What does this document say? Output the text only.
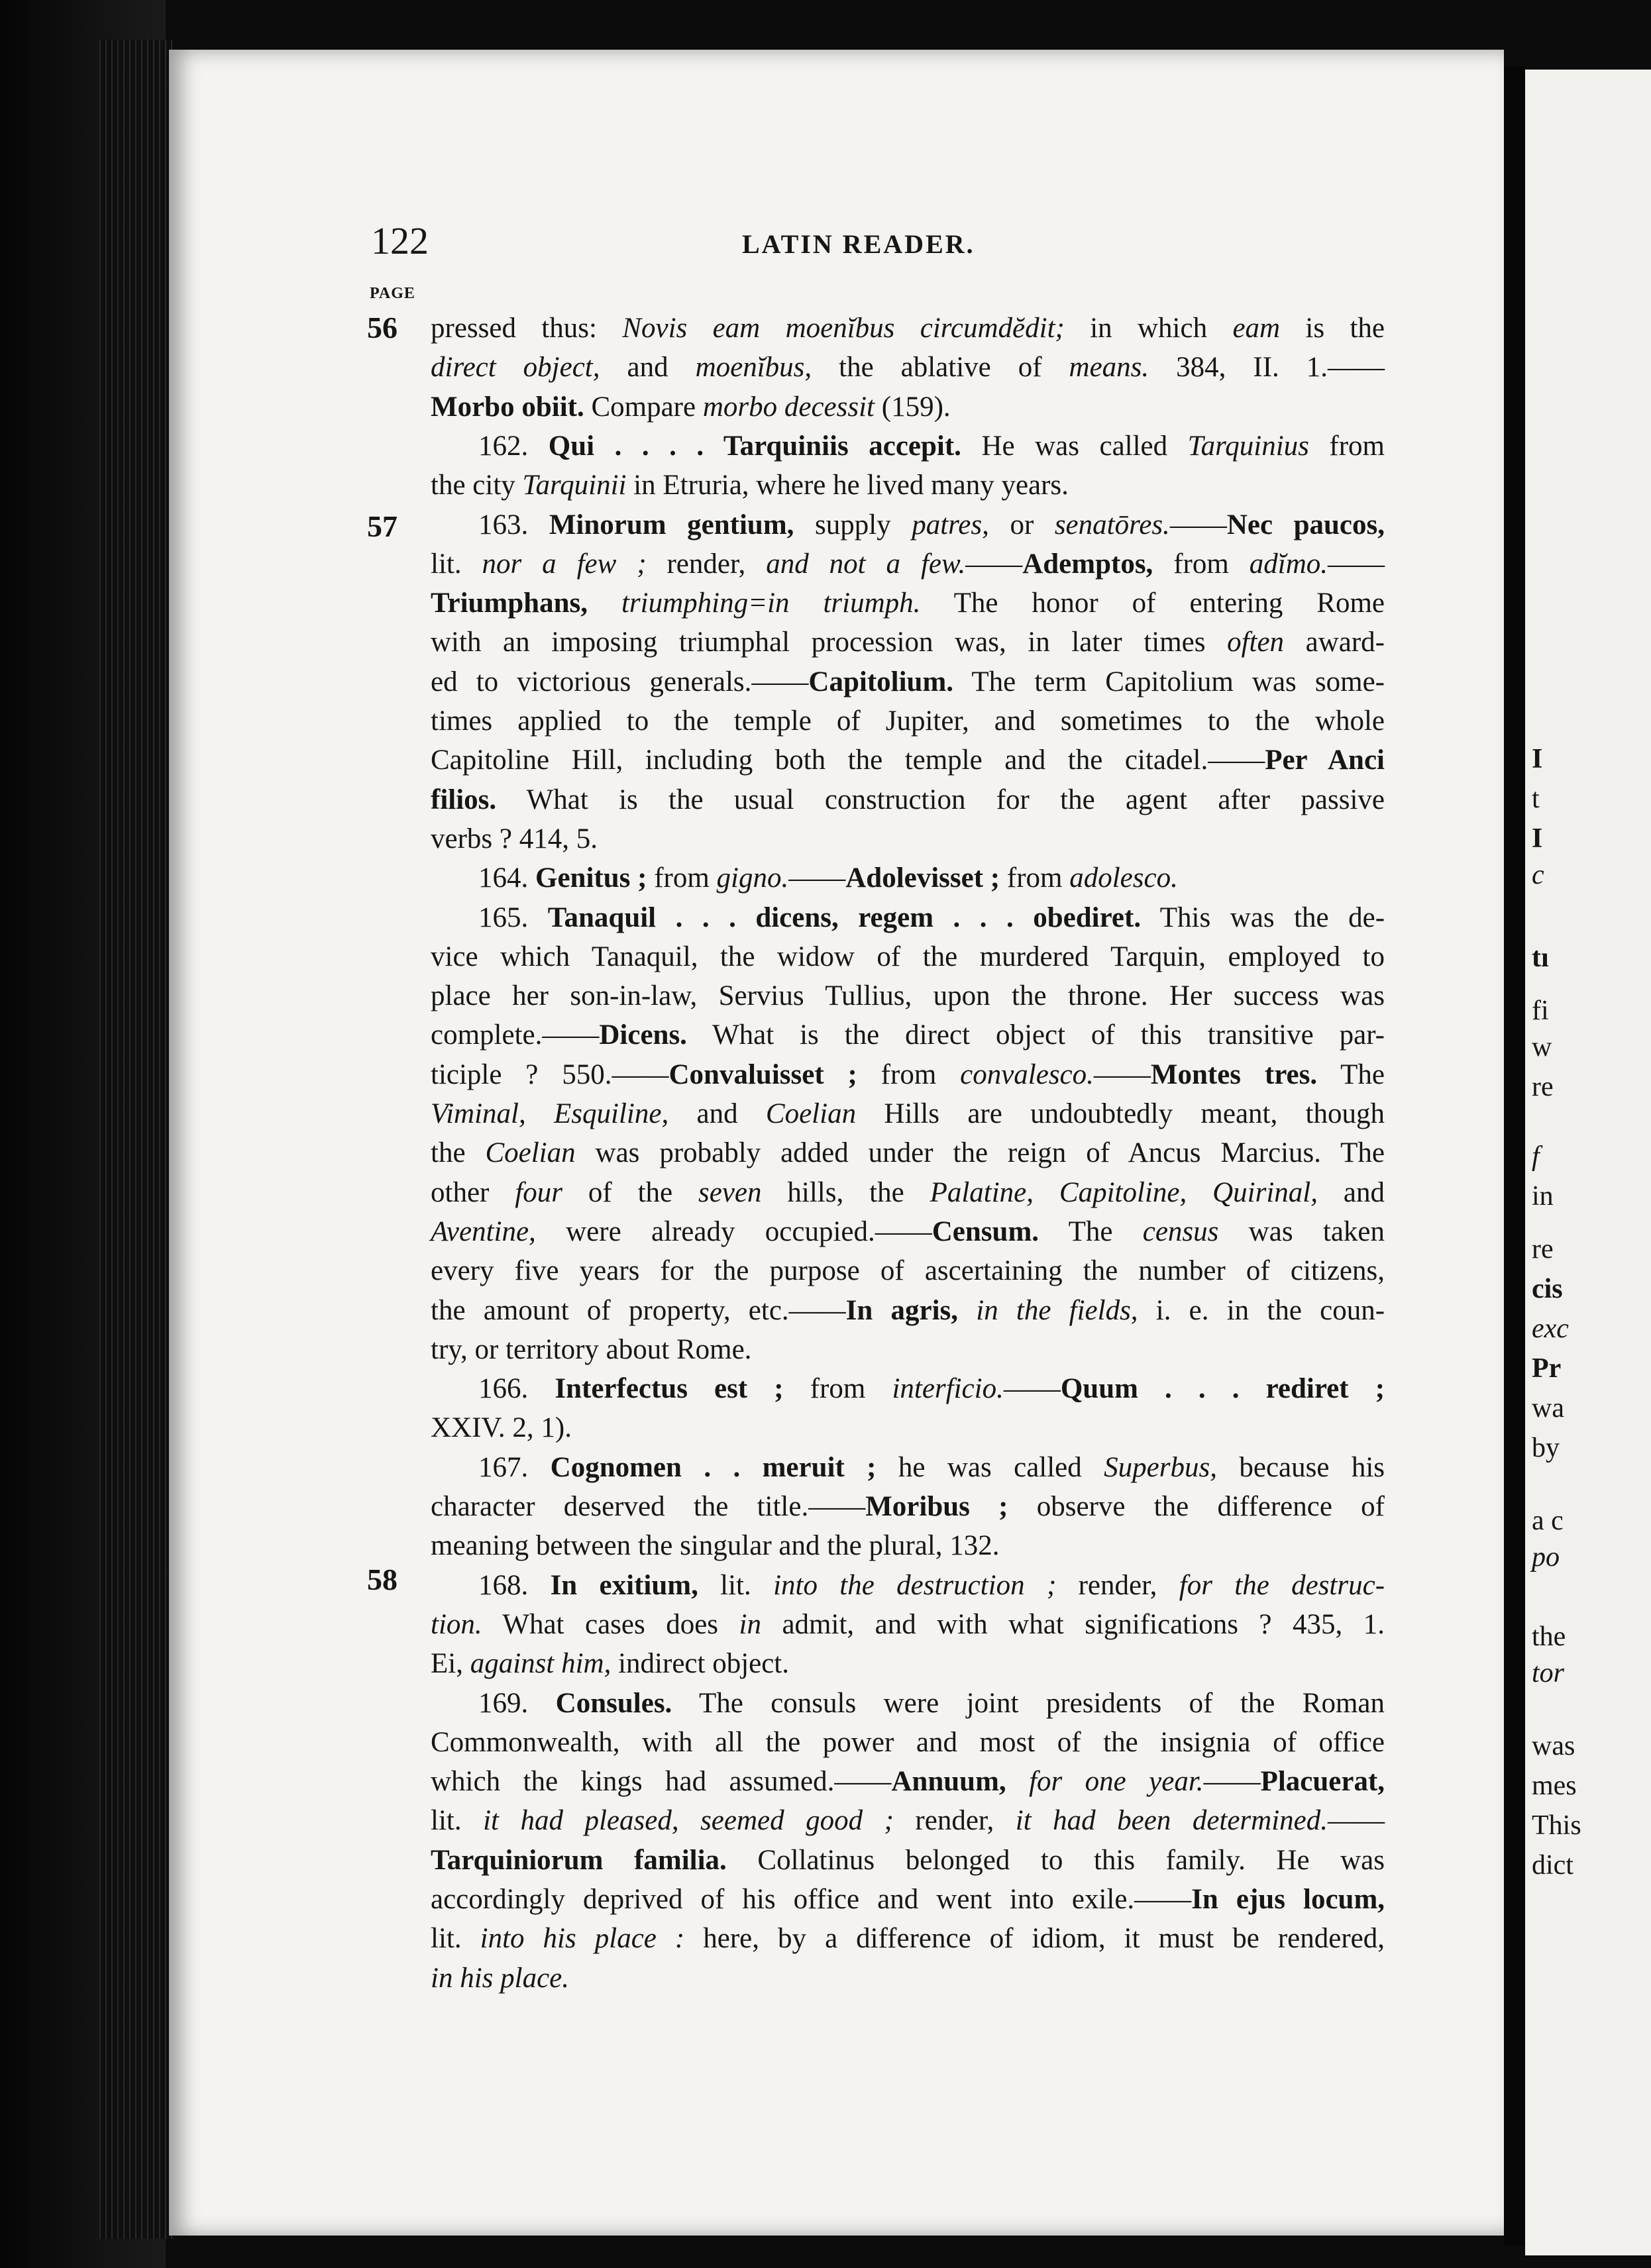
I
t
I
c
tı
fi
w
re
f
in
re
cis
exc
Pr
wa
by
a c
po
the
tor
was
mes
This
dict
122	LATIN READER.
PAGE
56
57
58
pressed thus: Novis eam moenĭbus circumdĕdit; in which eam is the
direct object, and moenĭbus, the ablative of means. 384, II. 1.——
Morbo obiit. Compare morbo decessit (159).
162. Qui . . . . Tarquiniis accepit. He was called Tarquinius from
the city Tarquinii in Etruria, where he lived many years.
163. Minorum gentium, supply patres, or senatōres.——Nec paucos,
lit. nor a few ; render, and not a few.——Ademptos, from adĭmo.——
Triumphans, triumphing=in triumph. The honor of entering Rome
with an imposing triumphal procession was, in later times often award-
ed to victorious generals.——Capitolium. The term Capitolium was some-
times applied to the temple of Jupiter, and sometimes to the whole
Capitoline Hill, including both the temple and the citadel.——Per Anci
filios. What is the usual construction for the agent after passive
verbs ? 414, 5.
164. Genitus ; from gigno.——Adolevisset ; from adolesco.
165. Tanaquil . . . dicens, regem . . . obediret. This was the de-
vice which Tanaquil, the widow of the murdered Tarquin, employed to
place her son-in-law, Servius Tullius, upon the throne. Her success was
complete.——Dicens. What is the direct object of this transitive par-
ticiple ? 550.——Convaluisset ; from convalesco.——Montes tres. The
Viminal, Esquiline, and Coelian Hills are undoubtedly meant, though
the Coelian was probably added under the reign of Ancus Marcius. The
other four of the seven hills, the Palatine, Capitoline, Quirinal, and
Aventine, were already occupied.——Censum. The census was taken
every five years for the purpose of ascertaining the number of citizens,
the amount of property, etc.——In agris, in the fields, i. e. in the coun-
try, or territory about Rome.
166. Interfectus est ; from interficio.——Quum . . . rediret ;
XXIV. 2, 1).
167. Cognomen . . meruit ; he was called Superbus, because his
character deserved the title.——Moribus ; observe the difference of
meaning between the singular and the plural, 132.
168. In exitium, lit. into the destruction ; render, for the destruc-
tion. What cases does in admit, and with what significations ? 435, 1.
Ei, against him, indirect object.
169. Consules. The consuls were joint presidents of the Roman
Commonwealth, with all the power and most of the insignia of office
which the kings had assumed.——Annuum, for one year.——Placuerat,
lit. it had pleased, seemed good ; render, it had been determined.——
Tarquiniorum familia. Collatinus belonged to this family. He was
accordingly deprived of his office and went into exile.——In ejus locum,
lit. into his place : here, by a difference of idiom, it must be rendered,
in his place.
